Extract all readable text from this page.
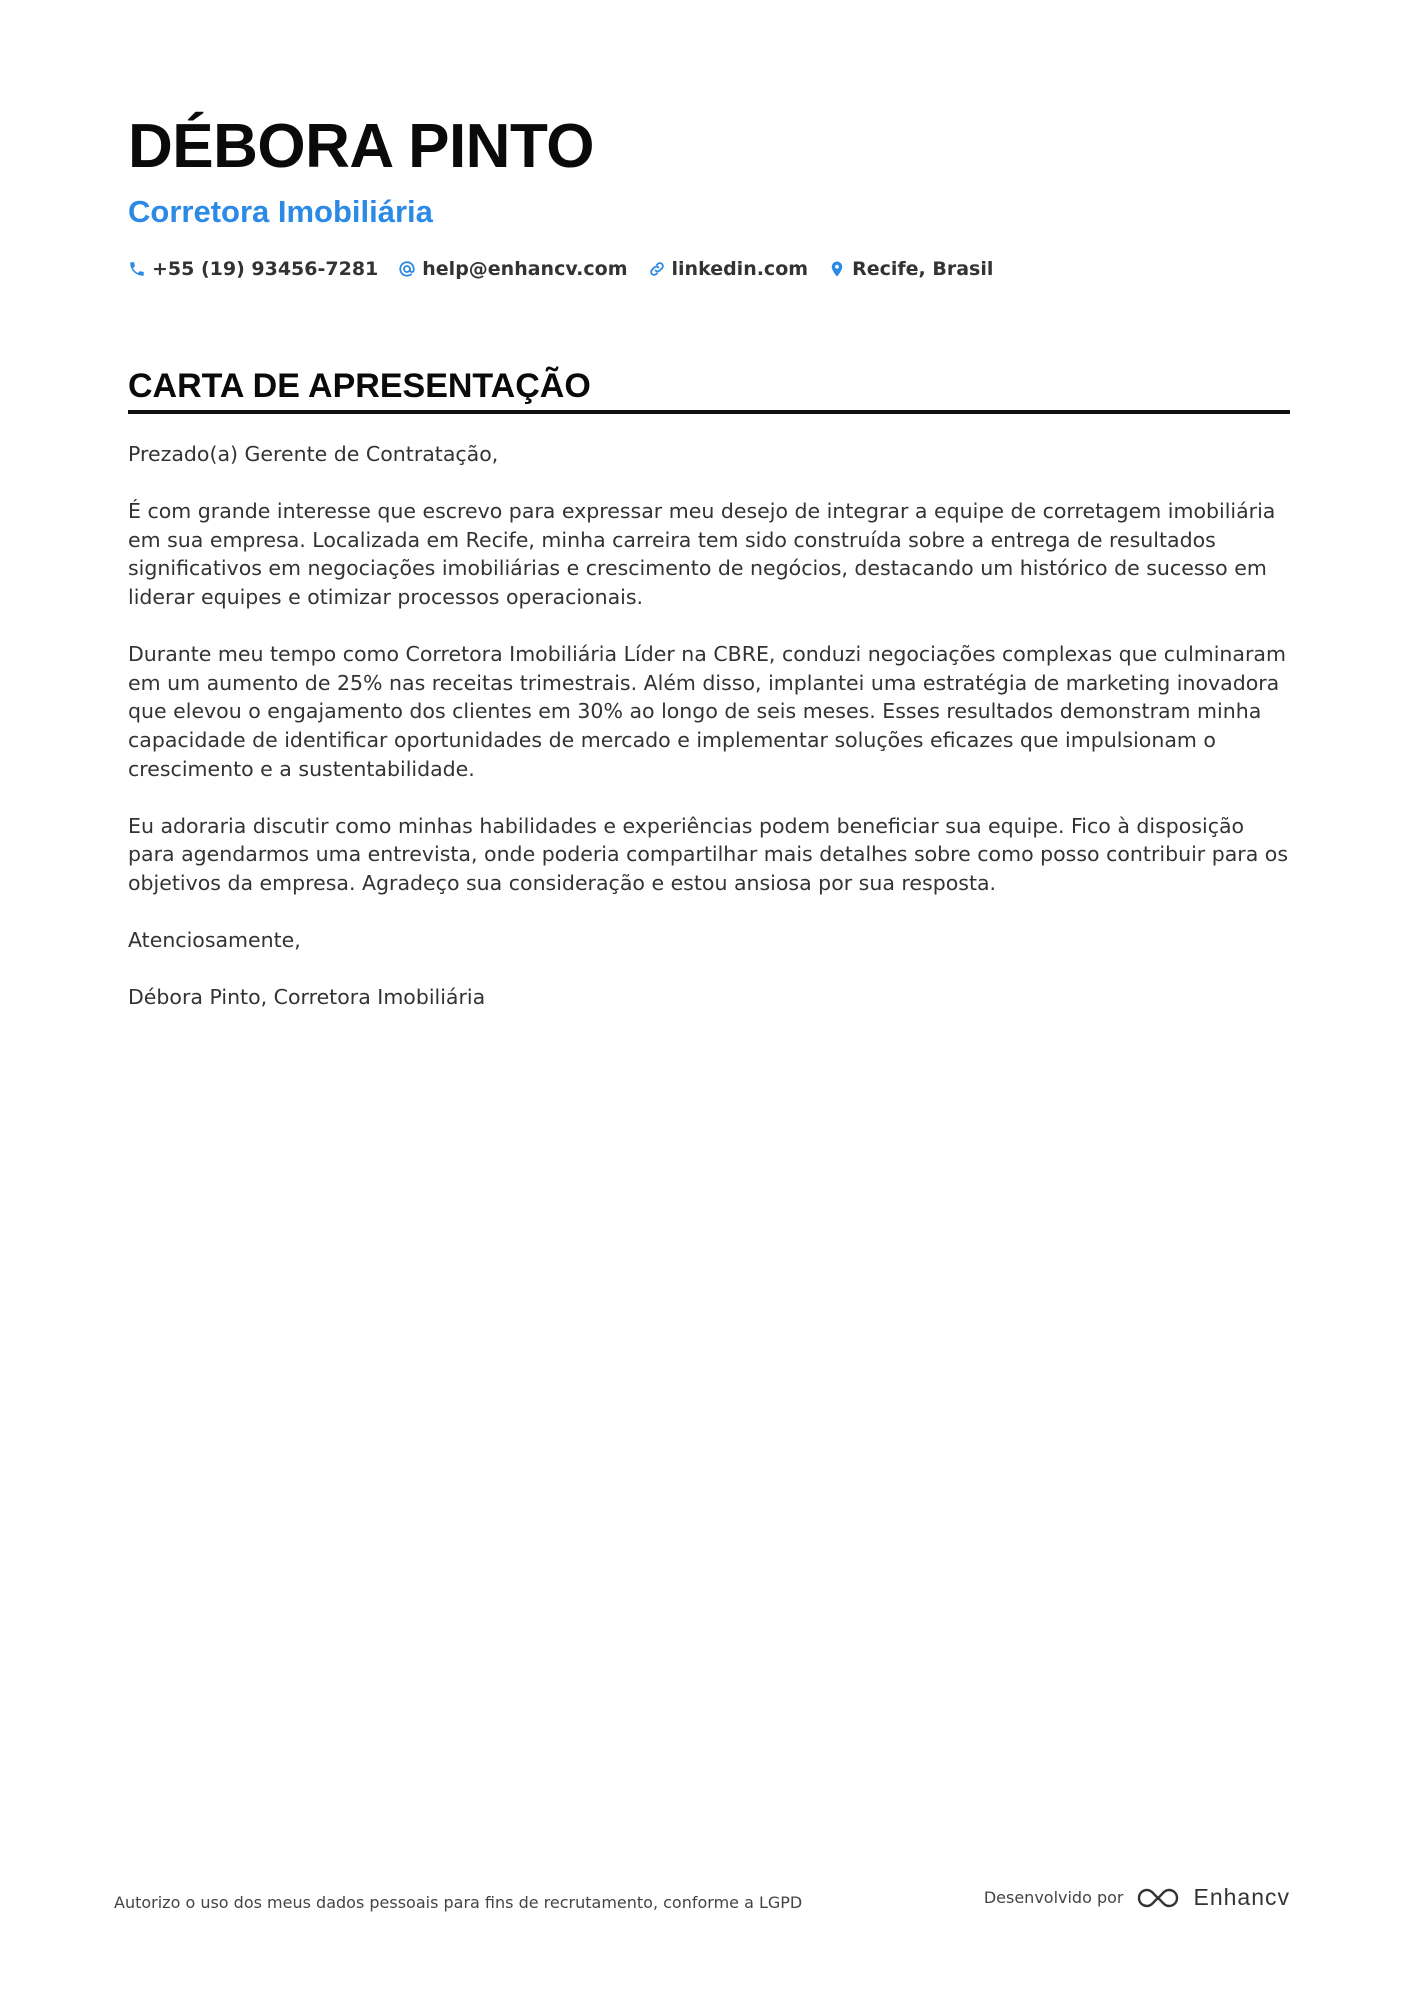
DÉBORA PINTO
Corretora Imobiliária
+55 (19) 93456-7281 help@enhancv.com linkedin.com Recife, Brasil
CARTA DE APRESENTAÇÃO

Prezado(a) Gerente de Contratação,

É com grande interesse que escrevo para expressar meu desejo de integrar a equipe de corretagem imobiliária em sua empresa. Localizada em Recife, minha carreira tem sido construída sobre a entrega de resultados significativos em negociações imobiliárias e crescimento de negócios, destacando um histórico de sucesso em liderar equipes e otimizar processos operacionais.

Durante meu tempo como Corretora Imobiliária Líder na CBRE, conduzi negociações complexas que culminaram em um aumento de 25% nas receitas trimestrais. Além disso, implantei uma estratégia de marketing inovadora que elevou o engajamento dos clientes em 30% ao longo de seis meses. Esses resultados demonstram minha capacidade de identificar oportunidades de mercado e implementar soluções eficazes que impulsionam o crescimento e a sustentabilidade.

Eu adoraria discutir como minhas habilidades e experiências podem beneficiar sua equipe. Fico à disposição para agendarmos uma entrevista, onde poderia compartilhar mais detalhes sobre como posso contribuir para os objetivos da empresa. Agradeço sua consideração e estou ansiosa por sua resposta.

Atenciosamente,

Débora Pinto, Corretora Imobiliária

Autorizo o uso dos meus dados pessoais para fins de recrutamento, conforme a LGPD	Desenvolvido por	Enhancv
